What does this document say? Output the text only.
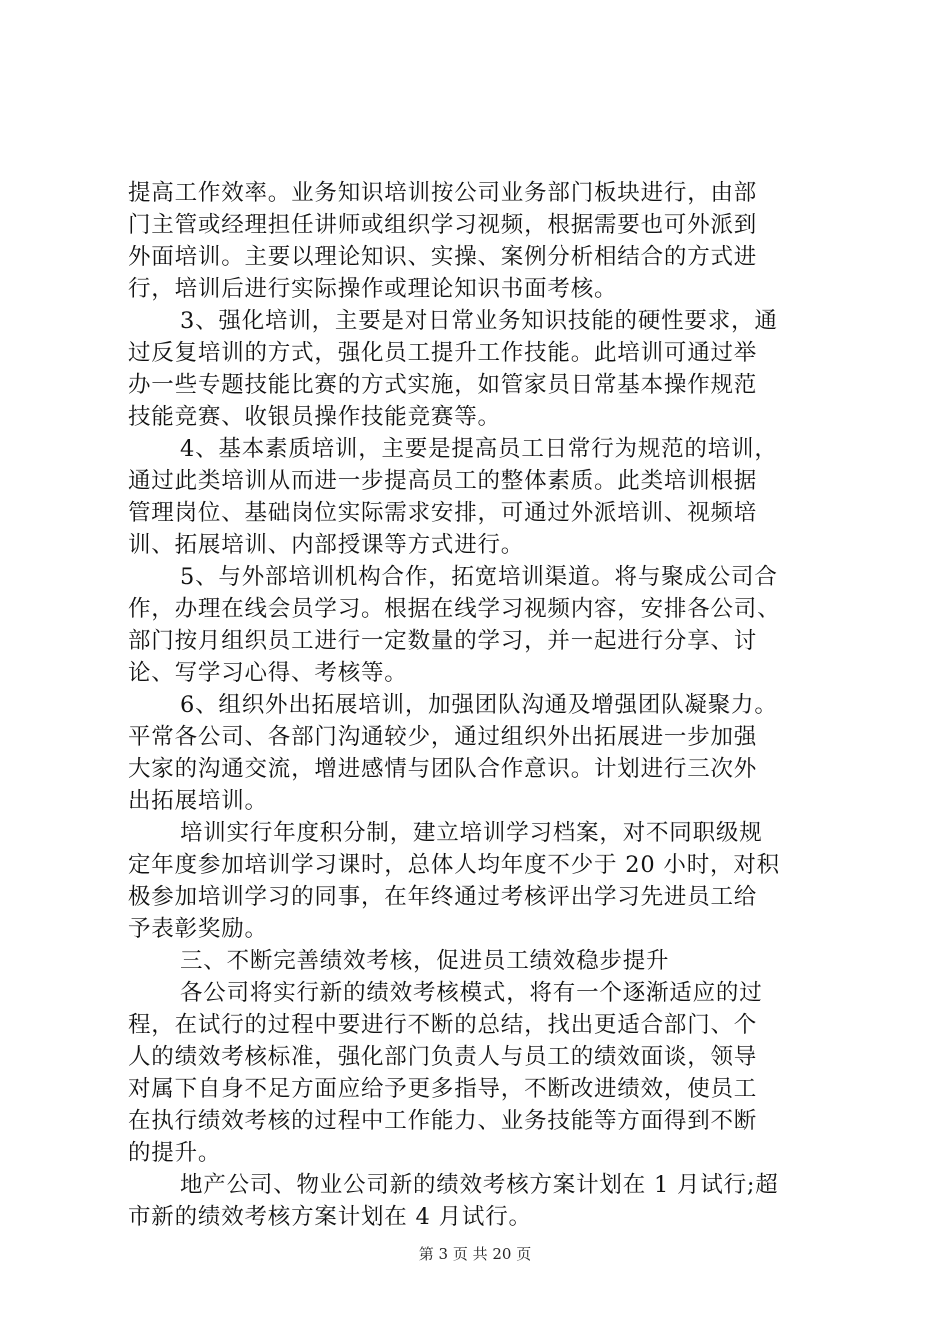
提高工作效率。业务知识培训按公司业务部门板块进行，由部
门主管或经理担任讲师或组织学习视频，根据需要也可外派到
外面培训。主要以理论知识、实操、案例分析相结合的方式进
行，培训后进行实际操作或理论知识书面考核。
3、强化培训，主要是对日常业务知识技能的硬性要求，通
过反复培训的方式，强化员工提升工作技能。此培训可通过举
办一些专题技能比赛的方式实施，如管家员日常基本操作规范
技能竞赛、收银员操作技能竞赛等。
4、基本素质培训，主要是提高员工日常行为规范的培训，
通过此类培训从而进一步提高员工的整体素质。此类培训根据
管理岗位、基础岗位实际需求安排，可通过外派培训、视频培
训、拓展培训、内部授课等方式进行。
5、与外部培训机构合作，拓宽培训渠道。将与聚成公司合
作，办理在线会员学习。根据在线学习视频内容，安排各公司、
部门按月组织员工进行一定数量的学习，并一起进行分享、讨
论、写学习心得、考核等。
6、组织外出拓展培训，加强团队沟通及增强团队凝聚力。
平常各公司、各部门沟通较少，通过组织外出拓展进一步加强
大家的沟通交流，增进感情与团队合作意识。计划进行三次外
出拓展培训。
培训实行年度积分制，建立培训学习档案，对不同职级规
定年度参加培训学习课时，总体人均年度不少于 20 小时，对积
极参加培训学习的同事，在年终通过考核评出学习先进员工给
予表彰奖励。
三、不断完善绩效考核，促进员工绩效稳步提升
各公司将实行新的绩效考核模式，将有一个逐渐适应的过
程，在试行的过程中要进行不断的总结，找出更适合部门、个
人的绩效考核标准，强化部门负责人与员工的绩效面谈，领导
对属下自身不足方面应给予更多指导，不断改进绩效，使员工
在执行绩效考核的过程中工作能力、业务技能等方面得到不断
的提升。
地产公司、物业公司新的绩效考核方案计划在 1 月试行;超
市新的绩效考核方案计划在 4 月试行。
第 3 页 共 20 页
